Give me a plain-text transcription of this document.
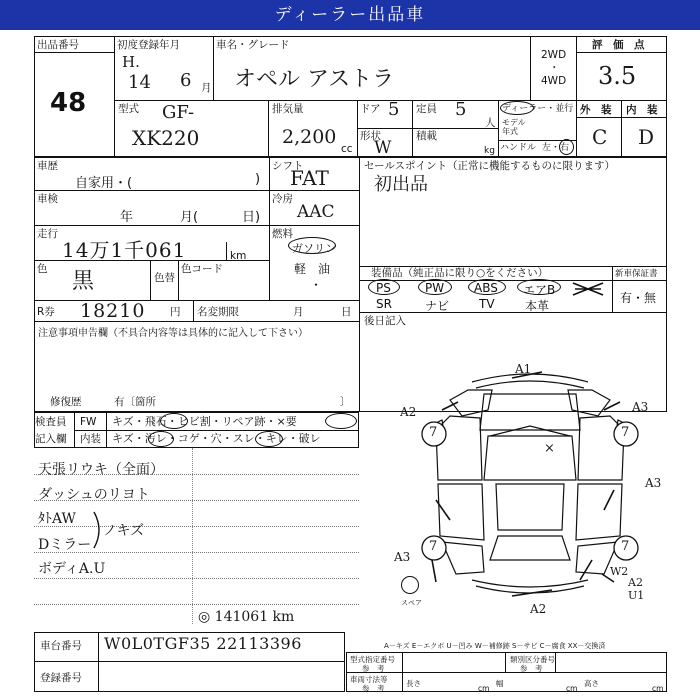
ディーラー出品車
出品番号
48
初度登録年月
H.
14 6 月
車名・グレード
オペル アストラ
2WD
・
4WD
評　価　点
3.5
型式 GF-
XK220
排気量
2,200
cc
ドア 5 定員 5
人
形状
W
積載
kg
ディーラー・並行
モデル年式
ハンドル 左・右
外　装 内　装
C D
車歴
自家用・(	)
車検
年	月(	日)
走行
14万1千061	km
色 黒	色替
色コード
シフト
FAT
冷房
AAC
燃料
ガソリン
軽　油
・
セールスポイント（正常に機能するものに限ります）
初出品
装備品（純正品に限り○をください）	新車保証書
有・無
PS	PW ABS エアB
SR	ナビ TV	本革
R券 18210 円 名変期限	月	日
後日記入
注意事項申告欄（不具合内容等は具体的に記入して下さい）
修復歴	有〔箇所	〕
検査員
記入欄
FW キズ・飛石・ヒビ割・リペア跡・×要
内装 キズ・汚レ・コゲ・穴・スレ・キレ・破レ
天張リウキ（全面）
ダッシュのリヨト
ﾀﾄAW
Dミラー
ボディA.U
ノキズ
◎ 141061 km
A1
A2	A3
A3
A3
W2
A2
U1
A2
×
7	7
7	7
スペア
車台番号 W0L0TGF35 22113396
登録番号
A－キズ E－エクボ U－凹み W－補修跡 S－サビ C－腐食 XX－交換済
型式指定番号
参　考
類別区分番号
参　考
車両寸法等
参　考
長さ
cm
幅
cm
高さ
cm
